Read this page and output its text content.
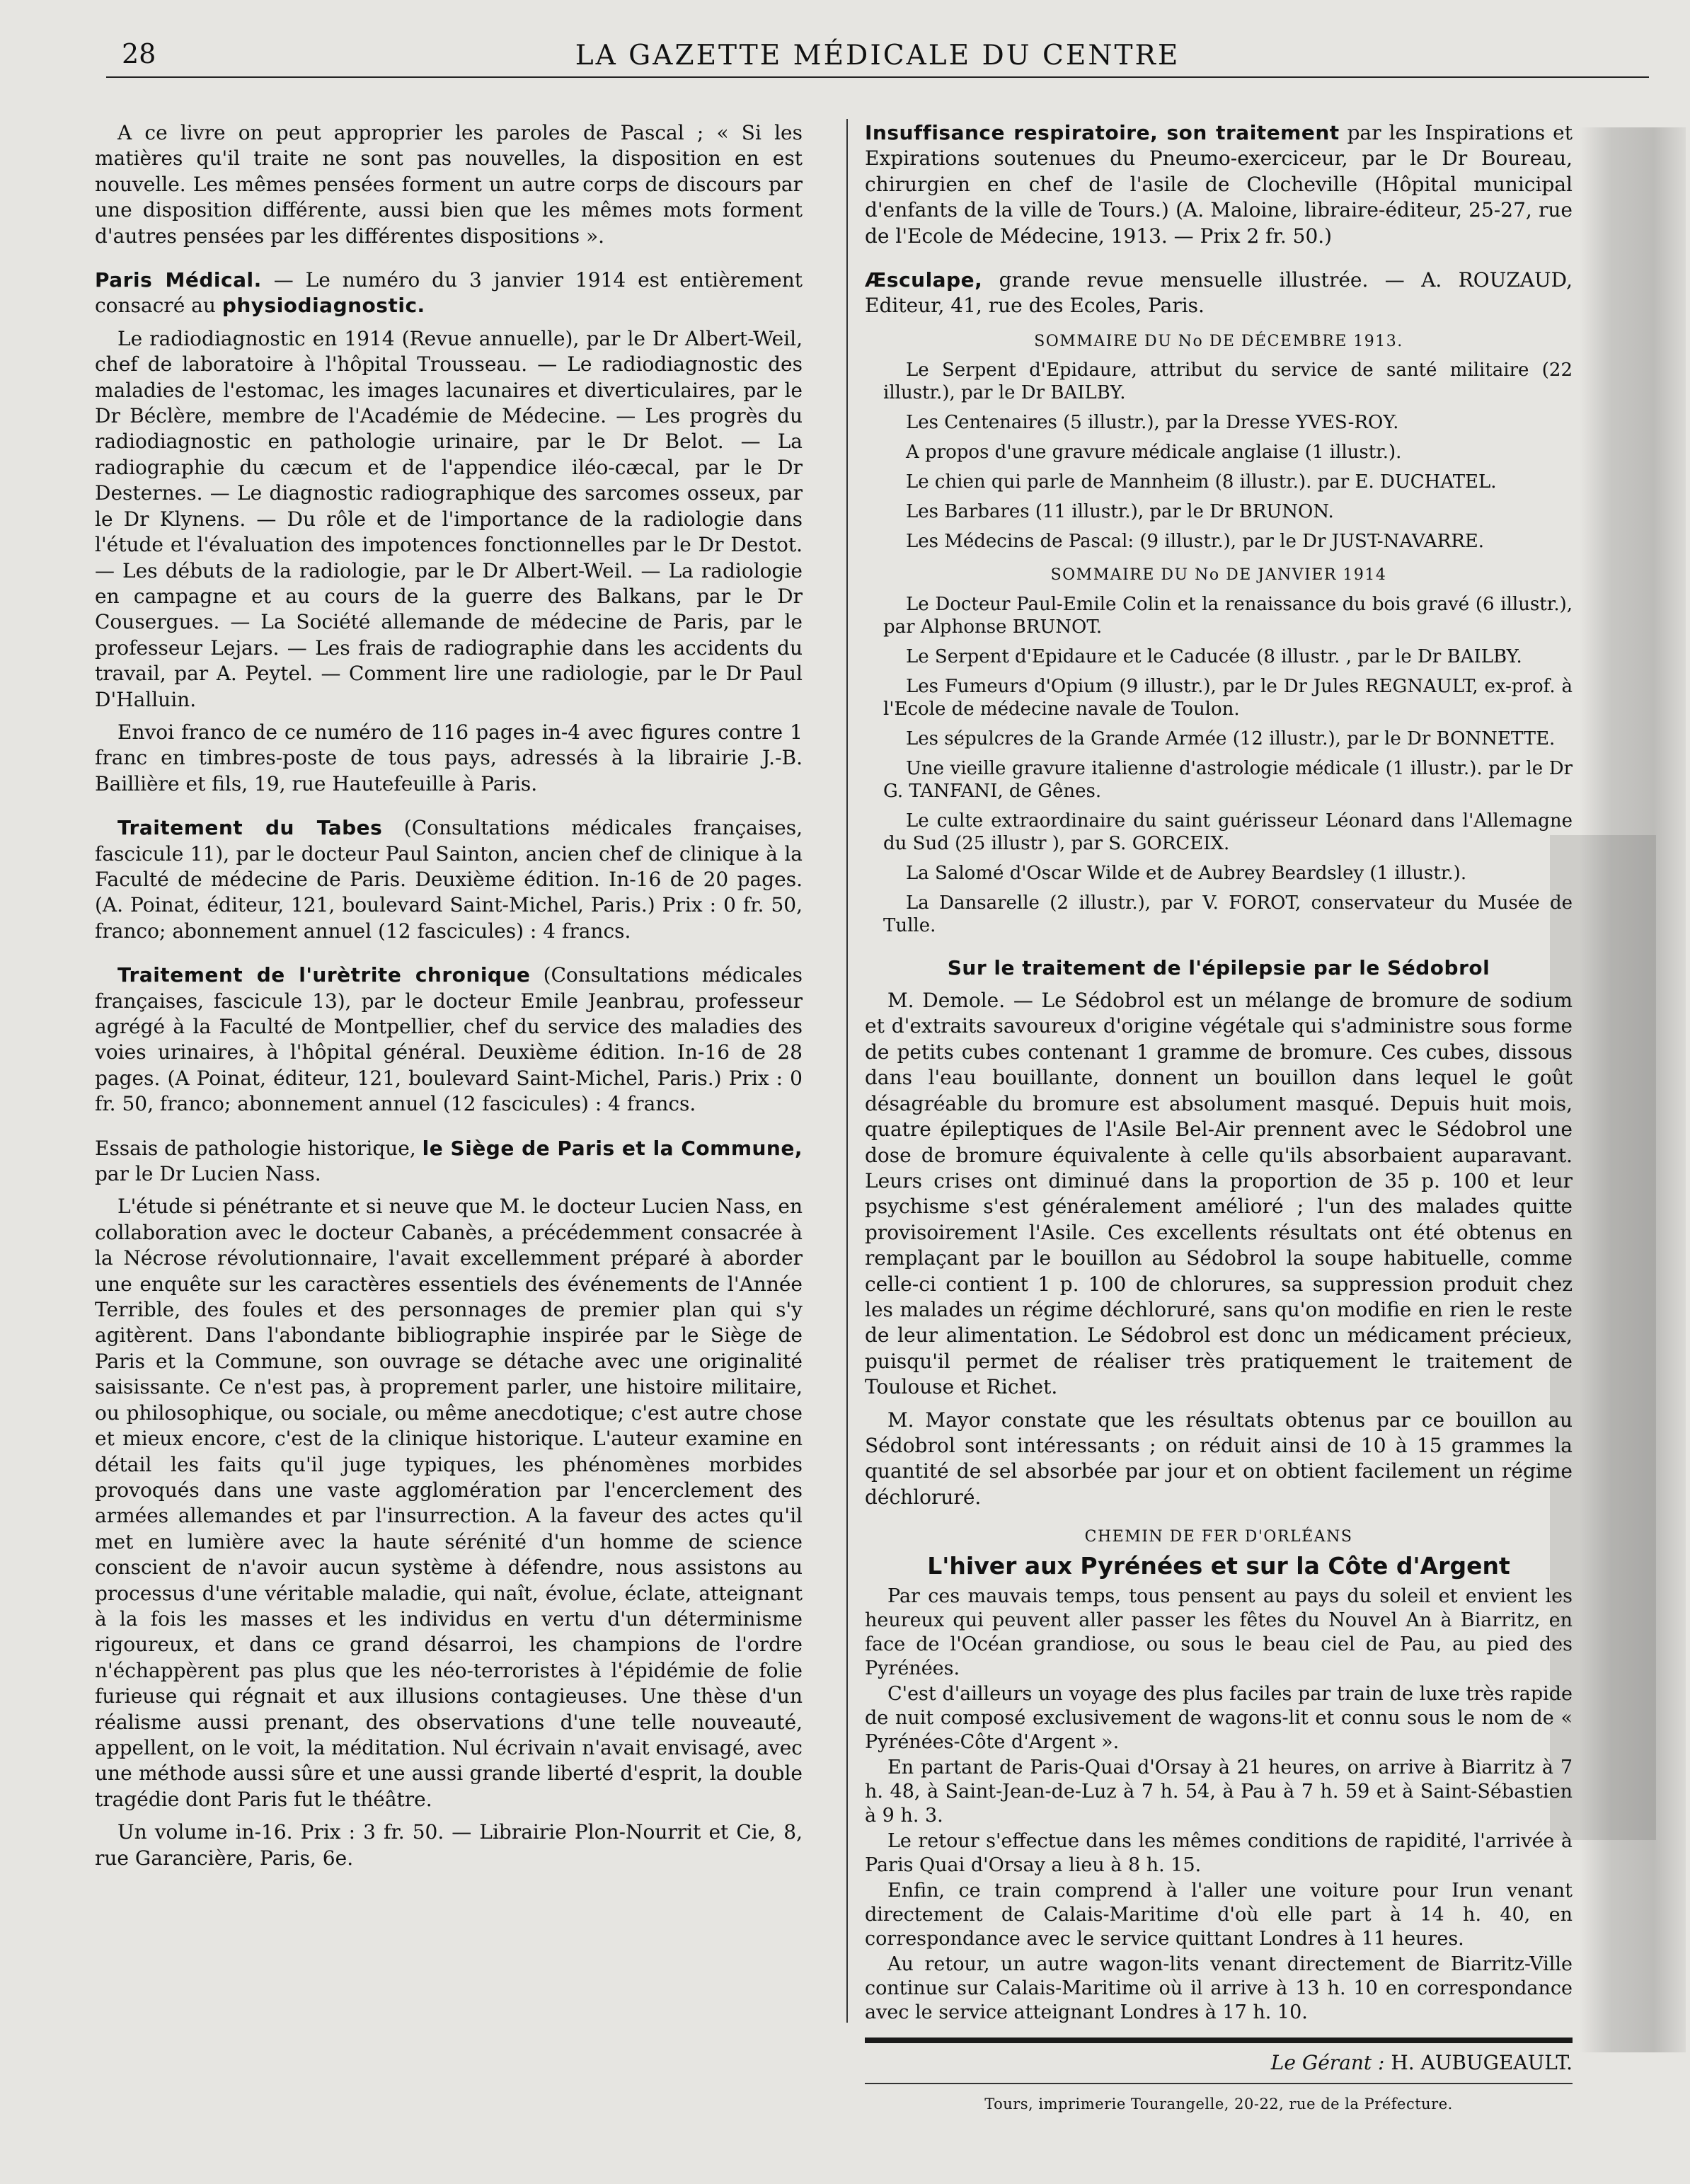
28	LA GAZETTE MÉDICALE DU CENTRE

A ce livre on peut approprier les paroles de Pascal ; « Si les matières qu'il traite ne sont pas nouvelles, la disposition en est nouvelle. Les mêmes pensées forment un autre corps de discours par une disposition différente, aussi bien que les mêmes mots forment d'autres pensées par les différentes dispositions ».

Paris Médical. — Le numéro du 3 janvier 1914 est entièrement consacré au physiodiagnostic.

Le radiodiagnostic en 1914 (Revue annuelle), par le Dr Albert-Weil, chef de laboratoire à l'hôpital Trousseau. — Le radiodiagnostic des maladies de l'estomac, les images lacunaires et diverticulaires, par le Dr Béclère, membre de l'Académie de Médecine. — Les progrès du radiodiagnostic en pathologie urinaire, par le Dr Belot. — La radiographie du cæcum et de l'appendice iléo-cæcal, par le Dr Desternes. — Le diagnostic radiographique des sarcomes osseux, par le Dr Klynens. — Du rôle et de l'importance de la radiologie dans l'étude et l'évaluation des impotences fonctionnelles par le Dr Destot. — Les débuts de la radiologie, par le Dr Albert-Weil. — La radiologie en campagne et au cours de la guerre des Balkans, par le Dr Cousergues. — La Société allemande de médecine de Paris, par le professeur Lejars. — Les frais de radiographie dans les accidents du travail, par A. Peytel. — Comment lire une radiologie, par le Dr Paul D'Halluin.

Envoi franco de ce numéro de 116 pages in-4 avec figures contre 1 franc en timbres-poste de tous pays, adressés à la librairie J.-B. Baillière et fils, 19, rue Hautefeuille à Paris.

Traitement du Tabes (Consultations médicales françaises, fascicule 11), par le docteur Paul Sainton, ancien chef de clinique à la Faculté de médecine de Paris. Deuxième édition. In-16 de 20 pages. (A. Poinat, éditeur, 121, boulevard Saint-Michel, Paris.) Prix : 0 fr. 50, franco; abonnement annuel (12 fascicules) : 4 francs.

Traitement de l'urètrite chronique (Consultations médicales françaises, fascicule 13), par le docteur Emile Jeanbrau, professeur agrégé à la Faculté de Montpellier, chef du service des maladies des voies urinaires, à l'hôpital général. Deuxième édition. In-16 de 28 pages. (A Poinat, éditeur, 121, boulevard Saint-Michel, Paris.) Prix : 0 fr. 50, franco; abonnement annuel (12 fascicules) : 4 francs.

Essais de pathologie historique, le Siège de Paris et la Commune, par le Dr Lucien Nass.

L'étude si pénétrante et si neuve que M. le docteur Lucien Nass, en collaboration avec le docteur Cabanès, a précédemment consacrée à la Nécrose révolutionnaire, l'avait excellemment préparé à aborder une enquête sur les caractères essentiels des événements de l'Année Terrible, des foules et des personnages de premier plan qui s'y agitèrent. Dans l'abondante bibliographie inspirée par le Siège de Paris et la Commune, son ouvrage se détache avec une originalité saisissante. Ce n'est pas, à proprement parler, une histoire militaire, ou philosophique, ou sociale, ou même anecdotique; c'est autre chose et mieux encore, c'est de la clinique historique. L'auteur examine en détail les faits qu'il juge typiques, les phénomènes morbides provoqués dans une vaste agglomération par l'encerclement des armées allemandes et par l'insurrection. A la faveur des actes qu'il met en lumière avec la haute sérénité d'un homme de science conscient de n'avoir aucun système à défendre, nous assistons au processus d'une véritable maladie, qui naît, évolue, éclate, atteignant à la fois les masses et les individus en vertu d'un déterminisme rigoureux, et dans ce grand désarroi, les champions de l'ordre n'échappèrent pas plus que les néo-terroristes à l'épidémie de folie furieuse qui régnait et aux illusions contagieuses. Une thèse d'un réalisme aussi prenant, des observations d'une telle nouveauté, appellent, on le voit, la méditation. Nul écrivain n'avait envisagé, avec une méthode aussi sûre et une aussi grande liberté d'esprit, la double tragédie dont Paris fut le théâtre.

Un volume in-16. Prix : 3 fr. 50. — Librairie Plon-Nourrit et Cie, 8, rue Garancière, Paris, 6e.

Insuffisance respiratoire, son traitement par les Inspirations et Expirations soutenues du Pneumo-exerciceur, par le Dr Boureau, chirurgien en chef de l'asile de Clocheville (Hôpital municipal d'enfants de la ville de Tours.) (A. Maloine, libraire-éditeur, 25-27, rue de l'Ecole de Médecine, 1913. — Prix 2 fr. 50.)

Æsculape, grande revue mensuelle illustrée. — A. ROUZAUD, Editeur, 41, rue des Ecoles, Paris.

SOMMAIRE DU No DE DÉCEMBRE 1913.

Le Serpent d'Epidaure, attribut du service de santé militaire (22 illustr.), par le Dr BAILBY.

Les Centenaires (5 illustr.), par la Dresse YVES-ROY.

A propos d'une gravure médicale anglaise (1 illustr.).

Le chien qui parle de Mannheim (8 illustr.). par E. DUCHATEL.

Les Barbares (11 illustr.), par le Dr BRUNON.

Les Médecins de Pascal: (9 illustr.), par le Dr JUST-NAVARRE.

SOMMAIRE DU No DE JANVIER 1914

Le Docteur Paul-Emile Colin et la renaissance du bois gravé (6 illustr.), par Alphonse BRUNOT.

Le Serpent d'Epidaure et le Caducée (8 illustr. , par le Dr BAILBY.

Les Fumeurs d'Opium (9 illustr.), par le Dr Jules REGNAULT, ex-prof. à l'Ecole de médecine navale de Toulon.

Les sépulcres de la Grande Armée (12 illustr.), par le Dr BONNETTE.

Une vieille gravure italienne d'astrologie médicale (1 illustr.). par le Dr G. TANFANI, de Gênes.

Le culte extraordinaire du saint guérisseur Léonard dans l'Allemagne du Sud (25 illustr ), par S. GORCEIX.

La Salomé d'Oscar Wilde et de Aubrey Beardsley (1 illustr.).

La Dansarelle (2 illustr.), par V. FOROT, conservateur du Musée de Tulle.

Sur le traitement de l'épilepsie par le Sédobrol

M. Demole. — Le Sédobrol est un mélange de bromure de sodium et d'extraits savoureux d'origine végétale qui s'administre sous forme de petits cubes contenant 1 gramme de bromure. Ces cubes, dissous dans l'eau bouillante, donnent un bouillon dans lequel le goût désagréable du bromure est absolument masqué. Depuis huit mois, quatre épileptiques de l'Asile Bel-Air prennent avec le Sédobrol une dose de bromure équivalente à celle qu'ils absorbaient auparavant. Leurs crises ont diminué dans la proportion de 35 p. 100 et leur psychisme s'est généralement amélioré ; l'un des malades quitte provisoirement l'Asile. Ces excellents résultats ont été obtenus en remplaçant par le bouillon au Sédobrol la soupe habituelle, comme celle-ci contient 1 p. 100 de chlorures, sa suppression produit chez les malades un régime déchloruré, sans qu'on modifie en rien le reste de leur alimentation. Le Sédobrol est donc un médicament précieux, puisqu'il permet de réaliser très pratiquement le traitement de Toulouse et Richet.

M. Mayor constate que les résultats obtenus par ce bouillon au Sédobrol sont intéressants ; on réduit ainsi de 10 à 15 grammes la quantité de sel absorbée par jour et on obtient facilement un régime déchloruré.

CHEMIN DE FER D'ORLÉANS
L'hiver aux Pyrénées et sur la Côte d'Argent

Par ces mauvais temps, tous pensent au pays du soleil et envient les heureux qui peuvent aller passer les fêtes du Nouvel An à Biarritz, en face de l'Océan grandiose, ou sous le beau ciel de Pau, au pied des Pyrénées.

C'est d'ailleurs un voyage des plus faciles par train de luxe très rapide de nuit composé exclusivement de wagons-lit et connu sous le nom de « Pyrénées-Côte d'Argent ».

En partant de Paris-Quai d'Orsay à 21 heures, on arrive à Biarritz à 7 h. 48, à Saint-Jean-de-Luz à 7 h. 54, à Pau à 7 h. 59 et à Saint-Sébastien à 9 h. 3.

Le retour s'effectue dans les mêmes conditions de rapidité, l'arrivée à Paris Quai d'Orsay a lieu à 8 h. 15.

Enfin, ce train comprend à l'aller une voiture pour Irun venant directement de Calais-Maritime d'où elle part à 14 h. 40, en correspondance avec le service quittant Londres à 11 heures.

Au retour, un autre wagon-lits venant directement de Biarritz-Ville continue sur Calais-Maritime où il arrive à 13 h. 10 en correspondance avec le service atteignant Londres à 17 h. 10.

Le Gérant : H. AUBUGEAULT.
Tours, imprimerie Tourangelle, 20-22, rue de la Préfecture.
